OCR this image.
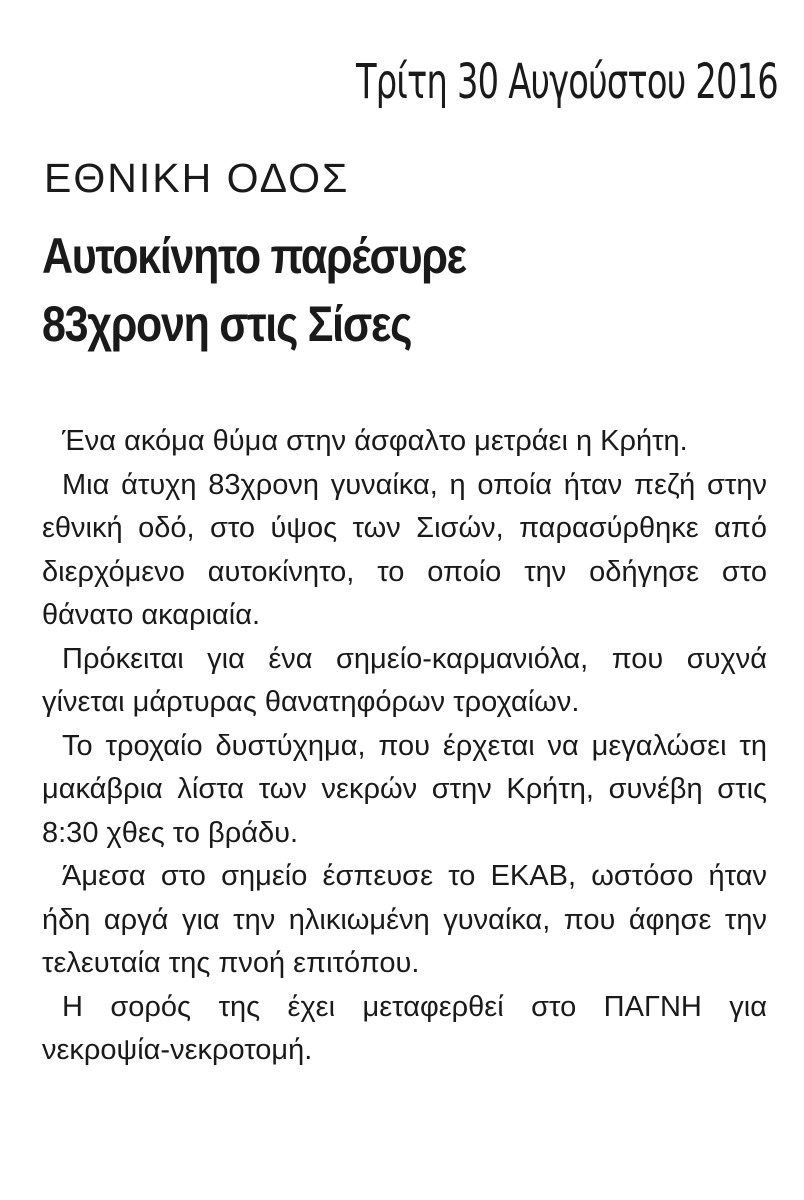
Τρίτη 30 Αυγούστου 2016
ΕΘΝΙΚΗ ΟΔΟΣ
Αυτοκίνητο παρέσυρε
83χρονη στις Σίσες

Ένα ακόμα θύμα στην άσφαλτο μετράει η Κρήτη.

Μια άτυχη 83χρονη γυναίκα, η οποία ήταν πεζή στην εθνική οδό, στο ύψος των Σισών, παρασύρθηκε από διερχόμενο αυτοκίνητο, το οποίο την οδήγησε στο θάνατο ακαριαία.

Πρόκειται για ένα σημείο-καρμανιόλα, που συχνά γίνεται μάρτυρας θανατηφόρων τροχαίων.

Το τροχαίο δυστύχημα, που έρχεται να μεγαλώσει τη μακάβρια λίστα των νεκρών στην Κρήτη, συνέβη στις 8:30 χθες το βράδυ.

Άμεσα στο σημείο έσπευσε το ΕΚΑΒ, ωστόσο ήταν ήδη αργά για την ηλικιωμένη γυναίκα, που άφησε την τελευταία της πνοή επιτόπου.

Η σορός της έχει μεταφερθεί στο ΠΑΓΝΗ για νεκροψία-νεκροτομή.
